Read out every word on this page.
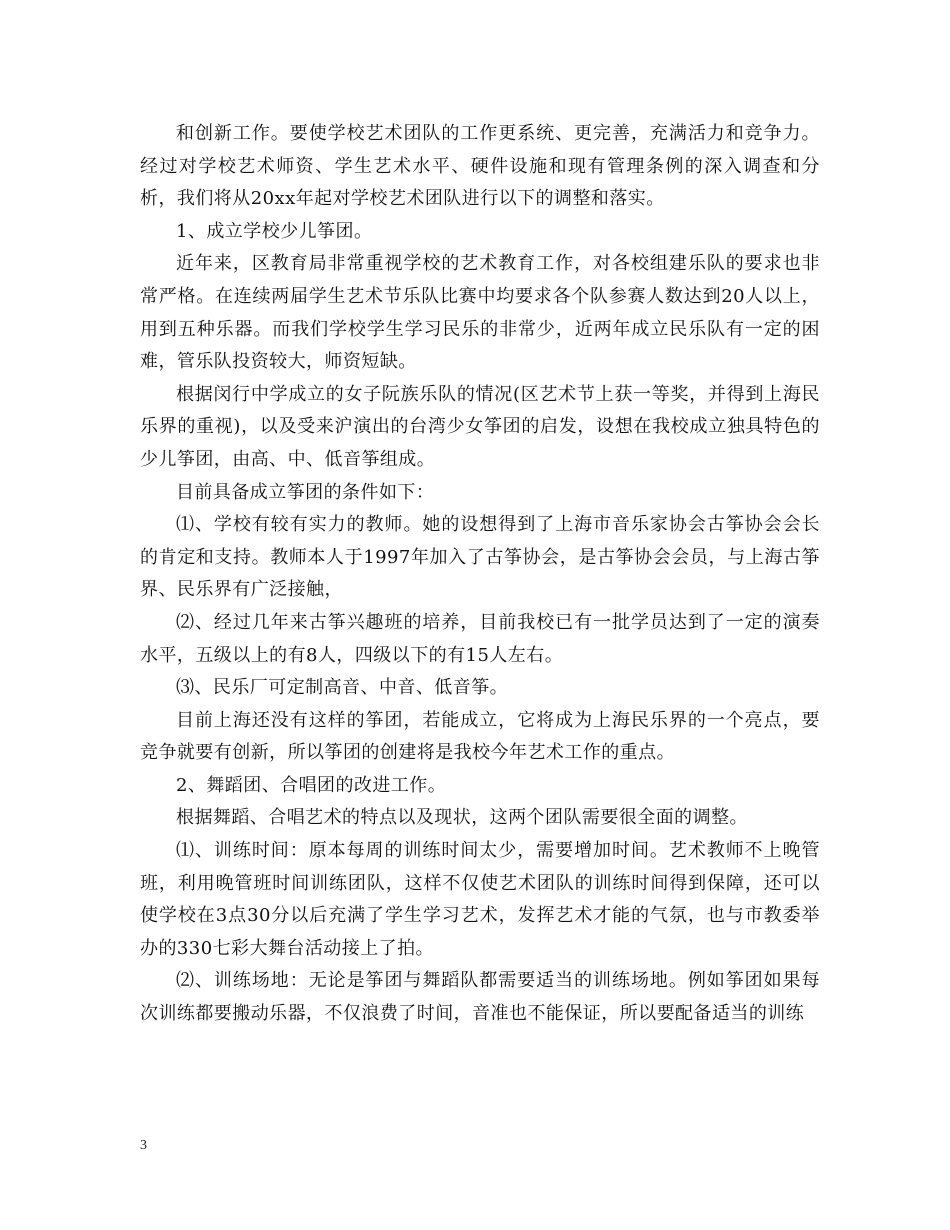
和创新工作。要使学校艺术团队的工作更系统、更完善，充满活力和竞争力。经过对学校艺术师资、学生艺术水平、硬件设施和现有管理条例的深入调查和分析，我们将从20xx年起对学校艺术团队进行以下的调整和落实。

1、成立学校少儿筝团。

近年来，区教育局非常重视学校的艺术教育工作，对各校组建乐队的要求也非常严格。在连续两届学生艺术节乐队比赛中均要求各个队参赛人数达到20人以上，用到五种乐器。而我们学校学生学习民乐的非常少，近两年成立民乐队有一定的困难，管乐队投资较大，师资短缺。

根据闵行中学成立的女子阮族乐队的情况(区艺术节上获一等奖，并得到上海民乐界的重视)，以及受来沪演出的台湾少女筝团的启发，设想在我校成立独具特色的少儿筝团，由高、中、低音筝组成。

目前具备成立筝团的条件如下：

⑴、学校有较有实力的教师。她的设想得到了上海市音乐家协会古筝协会会长的肯定和支持。教师本人于1997年加入了古筝协会，是古筝协会会员，与上海古筝界、民乐界有广泛接触，

⑵、经过几年来古筝兴趣班的培养，目前我校已有一批学员达到了一定的演奏水平，五级以上的有8人，四级以下的有15人左右。

⑶、民乐厂可定制高音、中音、低音筝。

目前上海还没有这样的筝团，若能成立，它将成为上海民乐界的一个亮点，要竞争就要有创新，所以筝团的创建将是我校今年艺术工作的重点。

2、舞蹈团、合唱团的改进工作。

根据舞蹈、合唱艺术的特点以及现状，这两个团队需要很全面的调整。

⑴、训练时间：原本每周的训练时间太少，需要增加时间。艺术教师不上晚管班，利用晚管班时间训练团队，这样不仅使艺术团队的训练时间得到保障，还可以使学校在3点30分以后充满了学生学习艺术，发挥艺术才能的气氛，也与市教委举办的330七彩大舞台活动接上了拍。

⑵、训练场地：无论是筝团与舞蹈队都需要适当的训练场地。例如筝团如果每次训练都要搬动乐器，不仅浪费了时间，音准也不能保证，所以要配备适当的训练

3
